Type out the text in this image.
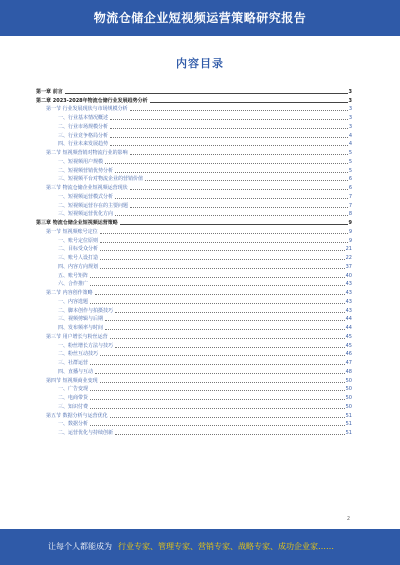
物流仓储企业短视频运营策略研究报告
内容目录
第一章 前言	3
第二章 2023-2028年物流仓储行业发展趋势分析	3
第一节 行业发展现状与市场规模分析	3
一、行业基本情况概述	3
二、行业市场规模分析	3
三、行业竞争格局分析	4
四、行业未来发展趋势	4
第二节 短视频营销对物流行业的影响	5
一、短视频用户规模	5
二、短视频营销优势分析	5
三、短视频平台对物流企业的营销价值	6
第三节 物流仓储企业短视频运营现状	6
一、短视频运营模式分析	7
二、短视频运营存在的主要问题	7
三、短视频运营优化方向	8
第三章 物流仓储企业短视频运营策略	9
第一节 短视频账号定位	9
一、账号定位原则	9
二、目标受众分析	21
三、账号人设打造	22
四、内容方向规划	37
五、账号矩阵	40
六、合作推广	43
第二节 内容创作策略	43
一、内容选题	43
二、脚本创作与拍摄技巧	43
三、视频剪辑与后期	44
四、发布频率与时间	44
第三节 用户增长与粉丝运营	45
一、粉丝增长方法与技巧	45
二、粉丝互动技巧	46
三、社群运营	47
四、直播与互动	48
第四节 短视频商业变现	50
一、广告变现	50
二、电商带货	50
三、知识付费	50
第五节 数据分析与运营优化	51
一、数据分析	51
二、运营优化与持续创新	51
2
让每个人都能成为 行业专家、管理专家、营销专家、战略专家、成功企业家……
